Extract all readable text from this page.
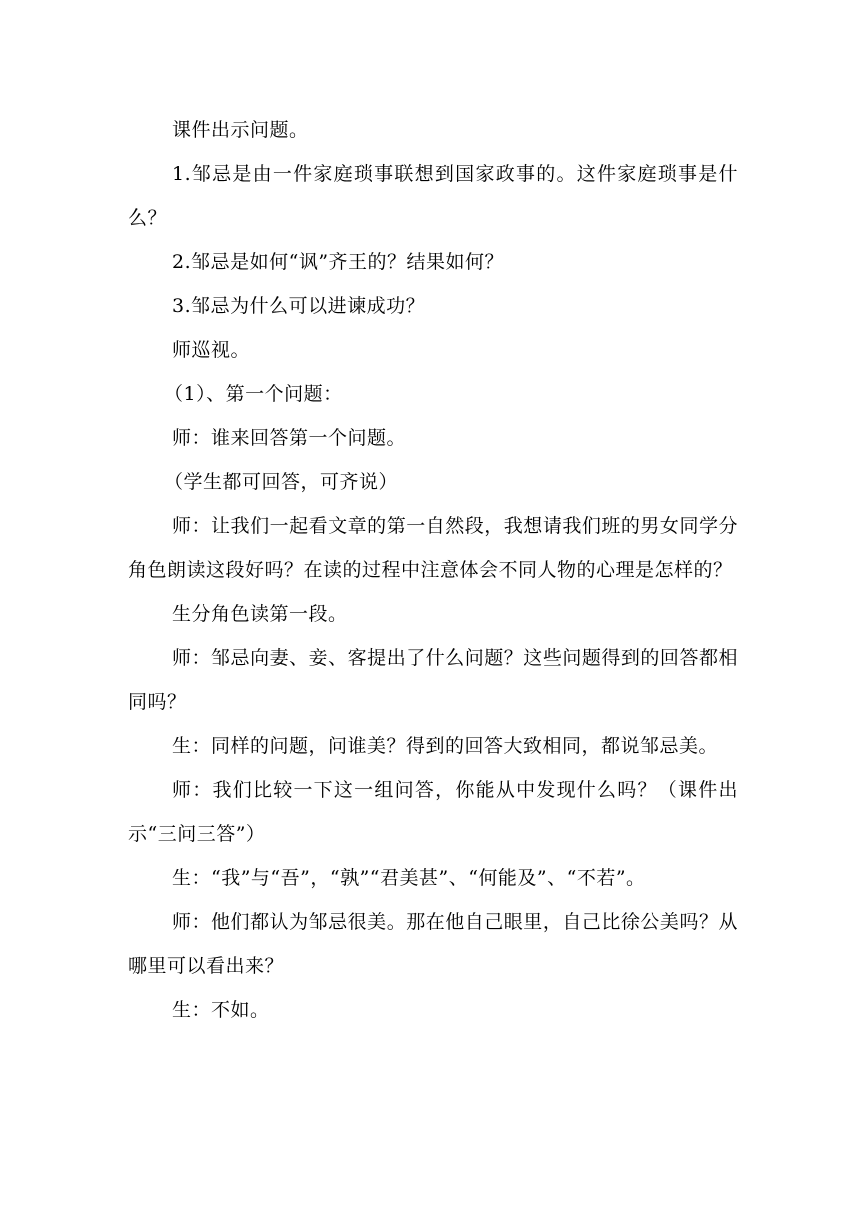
课件出示问题。

1.邹忌是由一件家庭琐事联想到国家政事的。这件家庭琐事是什么？

2.邹忌是如何“讽”齐王的？结果如何？

3.邹忌为什么可以进谏成功？

师巡视。

（1）、第一个问题：

师：谁来回答第一个问题。

（学生都可回答，可齐说）

师：让我们一起看文章的第一自然段，我想请我们班的男女同学分角色朗读这段好吗？在读的过程中注意体会不同人物的心理是怎样的？

生分角色读第一段。

师：邹忌向妻、妾、客提出了什么问题？这些问题得到的回答都相同吗？

生：同样的问题，问谁美？得到的回答大致相同，都说邹忌美。

师：我们比较一下这一组问答，你能从中发现什么吗？（课件出示“三问三答”）

生：“我”与“吾”，“孰”“君美甚”、“何能及”、“不若”。

师：他们都认为邹忌很美。那在他自己眼里，自己比徐公美吗？从哪里可以看出来？

生：不如。
